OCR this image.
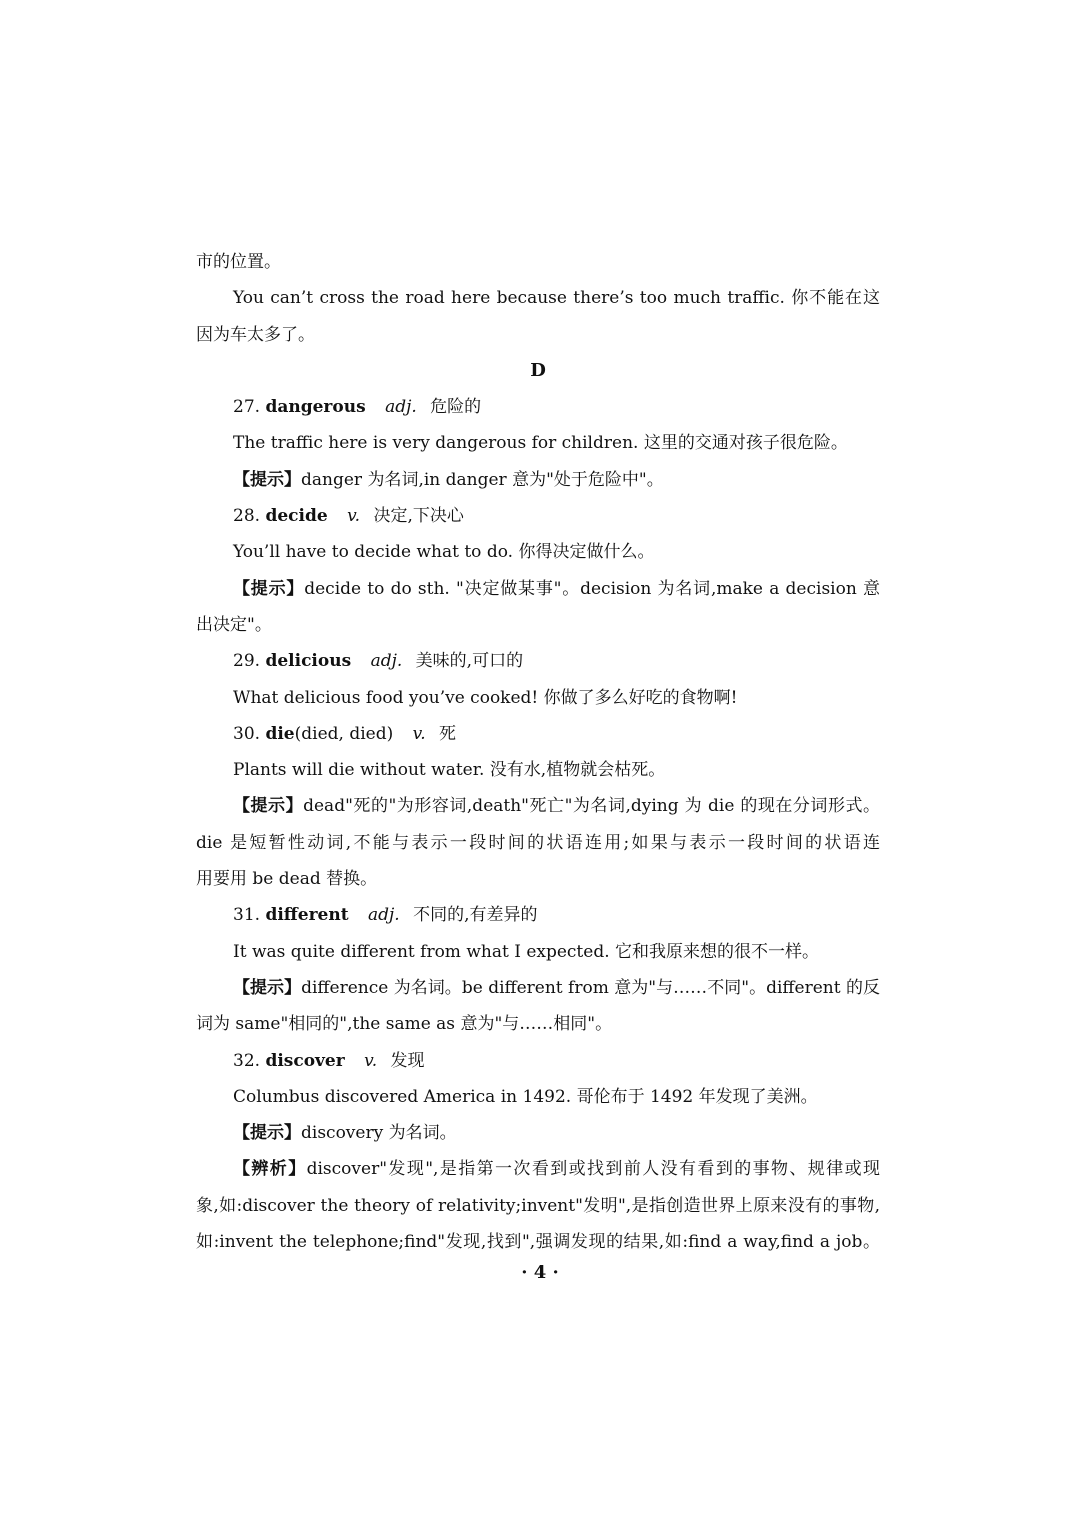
市的位置。
You can’t cross the road here because there’s too much traffic. 你不能在这
因为车太多了。
D
27. dangerous adj. 危险的
The traffic here is very dangerous for children. 这里的交通对孩子很危险。
【提示】danger 为名词,in danger 意为"处于危险中"。
28. decide v. 决定,下决心
You’ll have to decide what to do. 你得决定做什么。
【提示】decide to do sth. "决定做某事"。decision 为名词,make a decision 意
出决定"。
29. delicious adj. 美味的,可口的
What delicious food you’ve cooked! 你做了多么好吃的食物啊!
30. die(died, died) v. 死
Plants will die without water. 没有水,植物就会枯死。
【提示】dead"死的"为形容词,death"死亡"为名词,dying 为 die 的现在分词形式。
die 是短暂性动词,不能与表示一段时间的状语连用;如果与表示一段时间的状语连
用要用 be dead 替换。
31. different adj. 不同的,有差异的
It was quite different from what I expected. 它和我原来想的很不一样。
【提示】difference 为名词。be different from 意为"与……不同"。different 的反
词为 same"相同的",the same as 意为"与……相同"。
32. discover v. 发现
Columbus discovered America in 1492. 哥伦布于 1492 年发现了美洲。
【提示】discovery 为名词。
【辨析】discover"发现",是指第一次看到或找到前人没有看到的事物、规律或现
象,如:discover the theory of relativity;invent"发明",是指创造世界上原来没有的事物,
如:invent the telephone;find"发现,找到",强调发现的结果,如:find a way,find a job。
· 4 ·
